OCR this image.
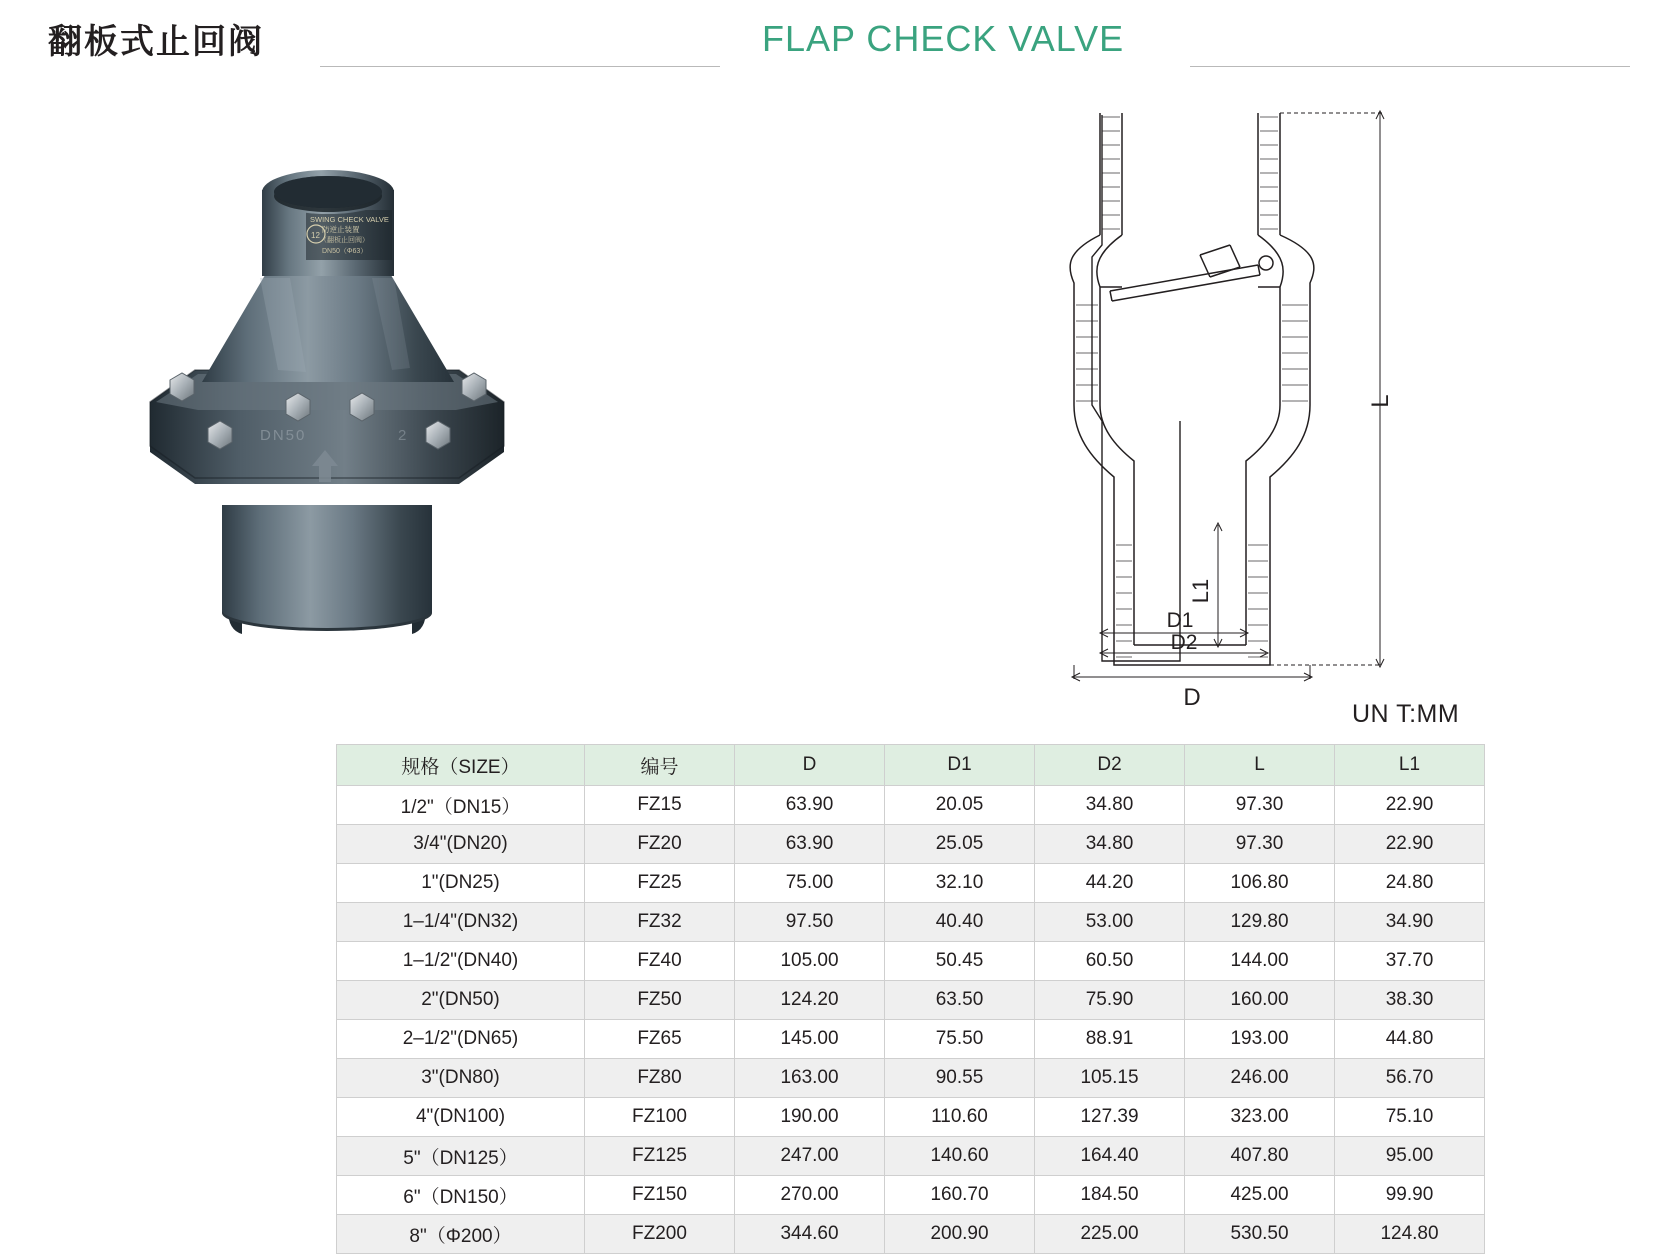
翻板式止回阀	FLAP CHECK VALVE
DN50	2
SWING CHECK VALVE
防逆止装置
（翻板止回阀）
DN50（Φ63）
12
L
L1
D1
D2
D
UN T:MM
规格（SIZE）	编号	D	D1	D2	L	L1
1/2"（DN15）	FZ15	63.90	20.05	34.80	97.30	22.90
3/4"(DN20)	FZ20	63.90	25.05	34.80	97.30	22.90
1"(DN25)	FZ25	75.00	32.10	44.20	106.80	24.80
1–1/4"(DN32)	FZ32	97.50	40.40	53.00	129.80	34.90
1–1/2"(DN40)	FZ40	105.00	50.45	60.50	144.00	37.70
2"(DN50)	FZ50	124.20	63.50	75.90	160.00	38.30
2–1/2"(DN65)	FZ65	145.00	75.50	88.91	193.00	44.80
3"(DN80)	FZ80	163.00	90.55	105.15	246.00	56.70
4"(DN100)	FZ100	190.00	110.60	127.39	323.00	75.10
5"（DN125）	FZ125	247.00	140.60	164.40	407.80	95.00
6"（DN150）	FZ150	270.00	160.70	184.50	425.00	99.90
8"（Φ200）	FZ200	344.60	200.90	225.00	530.50	124.80
